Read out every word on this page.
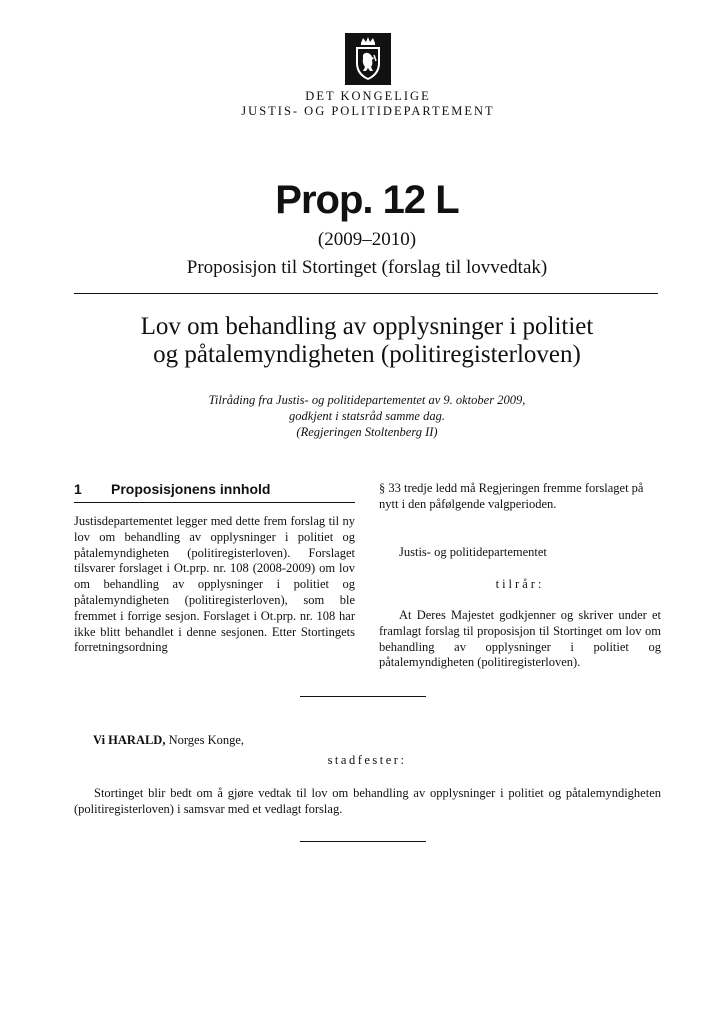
DET KONGELIGE
JUSTIS- OG POLITIDEPARTEMENT
Prop. 12 L
(2009–2010)
Proposisjon til Stortinget (forslag til lovvedtak)
Lov om behandling av opplysninger i politiet
og påtalemyndigheten (politiregisterloven)
Tilråding fra Justis- og politidepartementet av 9. oktober 2009,
godkjent i statsråd samme dag.
(Regjeringen Stoltenberg II)
1 Proposisjonens innhold
Justisdepartementet legger med dette frem forslag til ny lov om behandling av opplysninger i politiet og påtalemyndigheten (politiregisterloven). Forslaget tilsvarer forslaget i Ot.prp. nr. 108 (2008-2009) om lov om behandling av opplysninger i politiet og påtalemyndigheten (politiregisterloven), som ble fremmet i forrige sesjon. Forslaget i Ot.prp. nr. 108 har ikke blitt behandlet i denne sesjonen. Etter Stortingets forretningsordning
§ 33 tredje ledd må Regjeringen fremme forslaget på nytt i den påfølgende valgperioden.
Justis- og politidepartementet
tilrår:
At Deres Majestet godkjenner og skriver under et framlagt forslag til proposisjon til Stortinget om lov om behandling av opplysninger i politiet og påtalemyndigheten (politiregisterloven).
Vi HARALD, Norges Konge,
stadfester:
Stortinget blir bedt om å gjøre vedtak til lov om behandling av opplysninger i politiet og påtalemyndigheten (politiregisterloven) i samsvar med et vedlagt forslag.
